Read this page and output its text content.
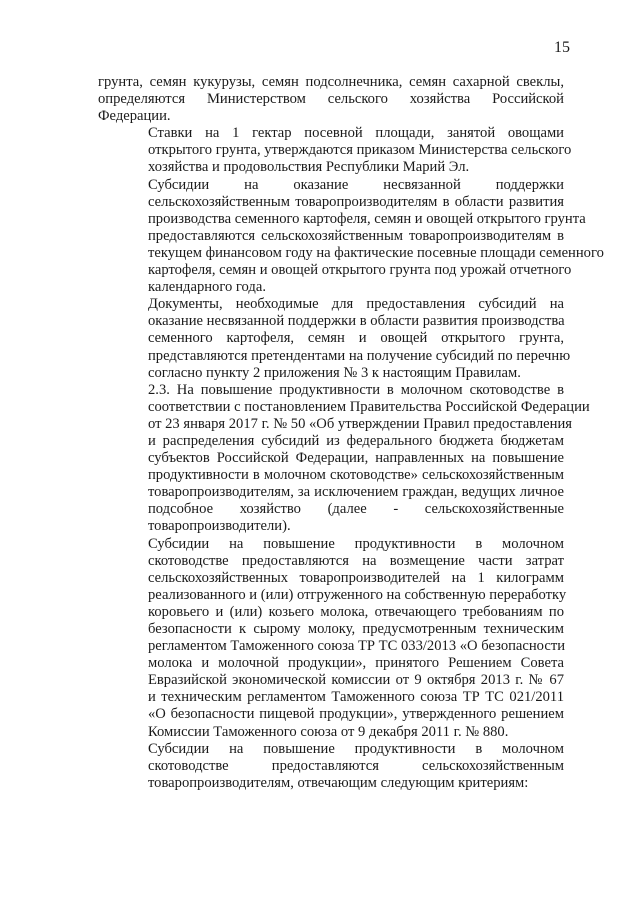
15

грунта, семян кукурузы, семян подсолнечника, семян сахарной свеклы,
определяются Министерством сельского хозяйства Российской
Федерации.

Ставки на 1 гектар посевной площади, занятой овощами
открытого грунта, утверждаются приказом Министерства сельского
хозяйства и продовольствия Республики Марий Эл.

Субсидии на оказание несвязанной поддержки
сельскохозяйственным товаропроизводителям в области развития
производства семенного картофеля, семян и овощей открытого грунта
предоставляются сельскохозяйственным товаропроизводителям в
текущем финансовом году на фактические посевные площади семенного
картофеля, семян и овощей открытого грунта под урожай отчетного
календарного года.

Документы, необходимые для предоставления субсидий на
оказание несвязанной поддержки в области развития производства
семенного картофеля, семян и овощей открытого грунта,
представляются претендентами на получение субсидий по перечню
согласно пункту 2 приложения № 3 к настоящим Правилам.

2.3. На повышение продуктивности в молочном скотоводстве в
соответствии с постановлением Правительства Российской Федерации
от 23 января 2017 г. № 50 «Об утверждении Правил предоставления
и распределения субсидий из федерального бюджета бюджетам
субъектов Российской Федерации, направленных на повышение
продуктивности в молочном скотоводстве» сельскохозяйственным
товаропроизводителям, за исключением граждан, ведущих личное
подсобное хозяйство (далее - сельскохозяйственные
товаропроизводители).

Субсидии на повышение продуктивности в молочном
скотоводстве предоставляются на возмещение части затрат
сельскохозяйственных товаропроизводителей на 1 килограмм
реализованного и (или) отгруженного на собственную переработку
коровьего и (или) козьего молока, отвечающего требованиям по
безопасности к сырому молоку, предусмотренным техническим
регламентом Таможенного союза ТР ТС 033/2013 «О безопасности
молока и молочной продукции», принятого Решением Совета
Евразийской экономической комиссии от 9 октября 2013 г. № 67
и техническим регламентом Таможенного союза ТР ТС 021/2011
«О безопасности пищевой продукции», утвержденного решением
Комиссии Таможенного союза от 9 декабря 2011 г. № 880.

Субсидии на повышение продуктивности в молочном
скотоводстве предоставляются сельскохозяйственным
товаропроизводителям, отвечающим следующим критериям:
